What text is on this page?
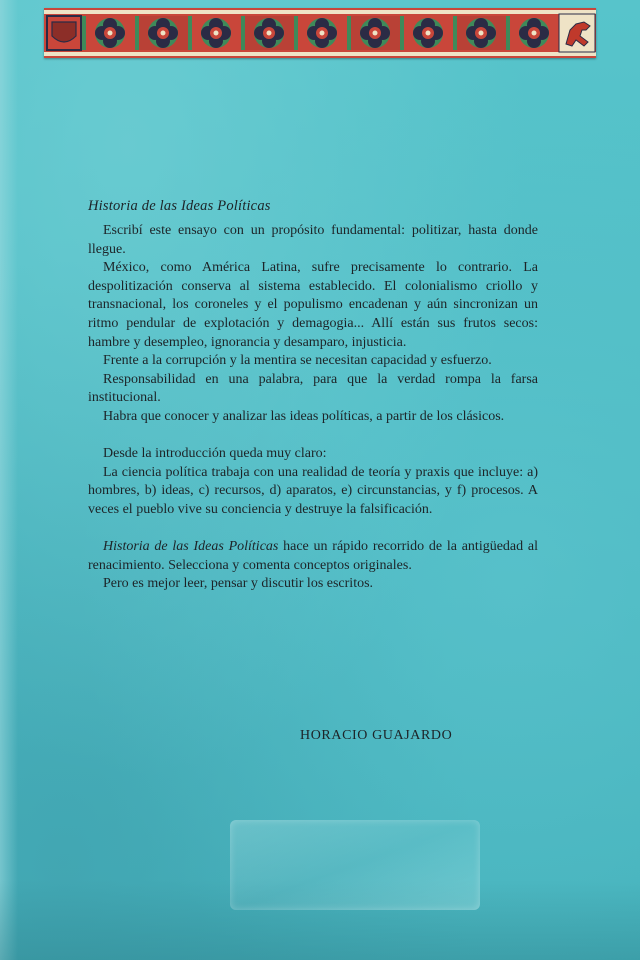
Historia de las Ideas Políticas

Escribí este ensayo con un propósito fundamental: politizar, hasta donde llegue.

México, como América Latina, sufre precisamente lo contrario. La despolitización conserva al sistema establecido. El colonialismo criollo y transnacional, los coroneles y el populismo encadenan y aún sincronizan un ritmo pendular de explotación y demagogia... Allí están sus frutos secos: hambre y desempleo, ignorancia y desamparo, injusticia.

Frente a la corrupción y la mentira se necesitan capacidad y esfuerzo.

Responsabilidad en una palabra, para que la verdad rompa la farsa institucional.

Habra que conocer y analizar las ideas políticas, a partir de los clásicos.

Desde la introducción queda muy claro:

La ciencia política trabaja con una realidad de teoría y praxis que incluye: a) hombres, b) ideas, c) recursos, d) aparatos, e) circunstancias, y f) procesos. A veces el pueblo vive su conciencia y destruye la falsificación.

Historia de las Ideas Políticas hace un rápido recorrido de la antigüedad al renacimiento. Selecciona y comenta conceptos originales.

Pero es mejor leer, pensar y discutir los escritos.

HORACIO GUAJARDO
